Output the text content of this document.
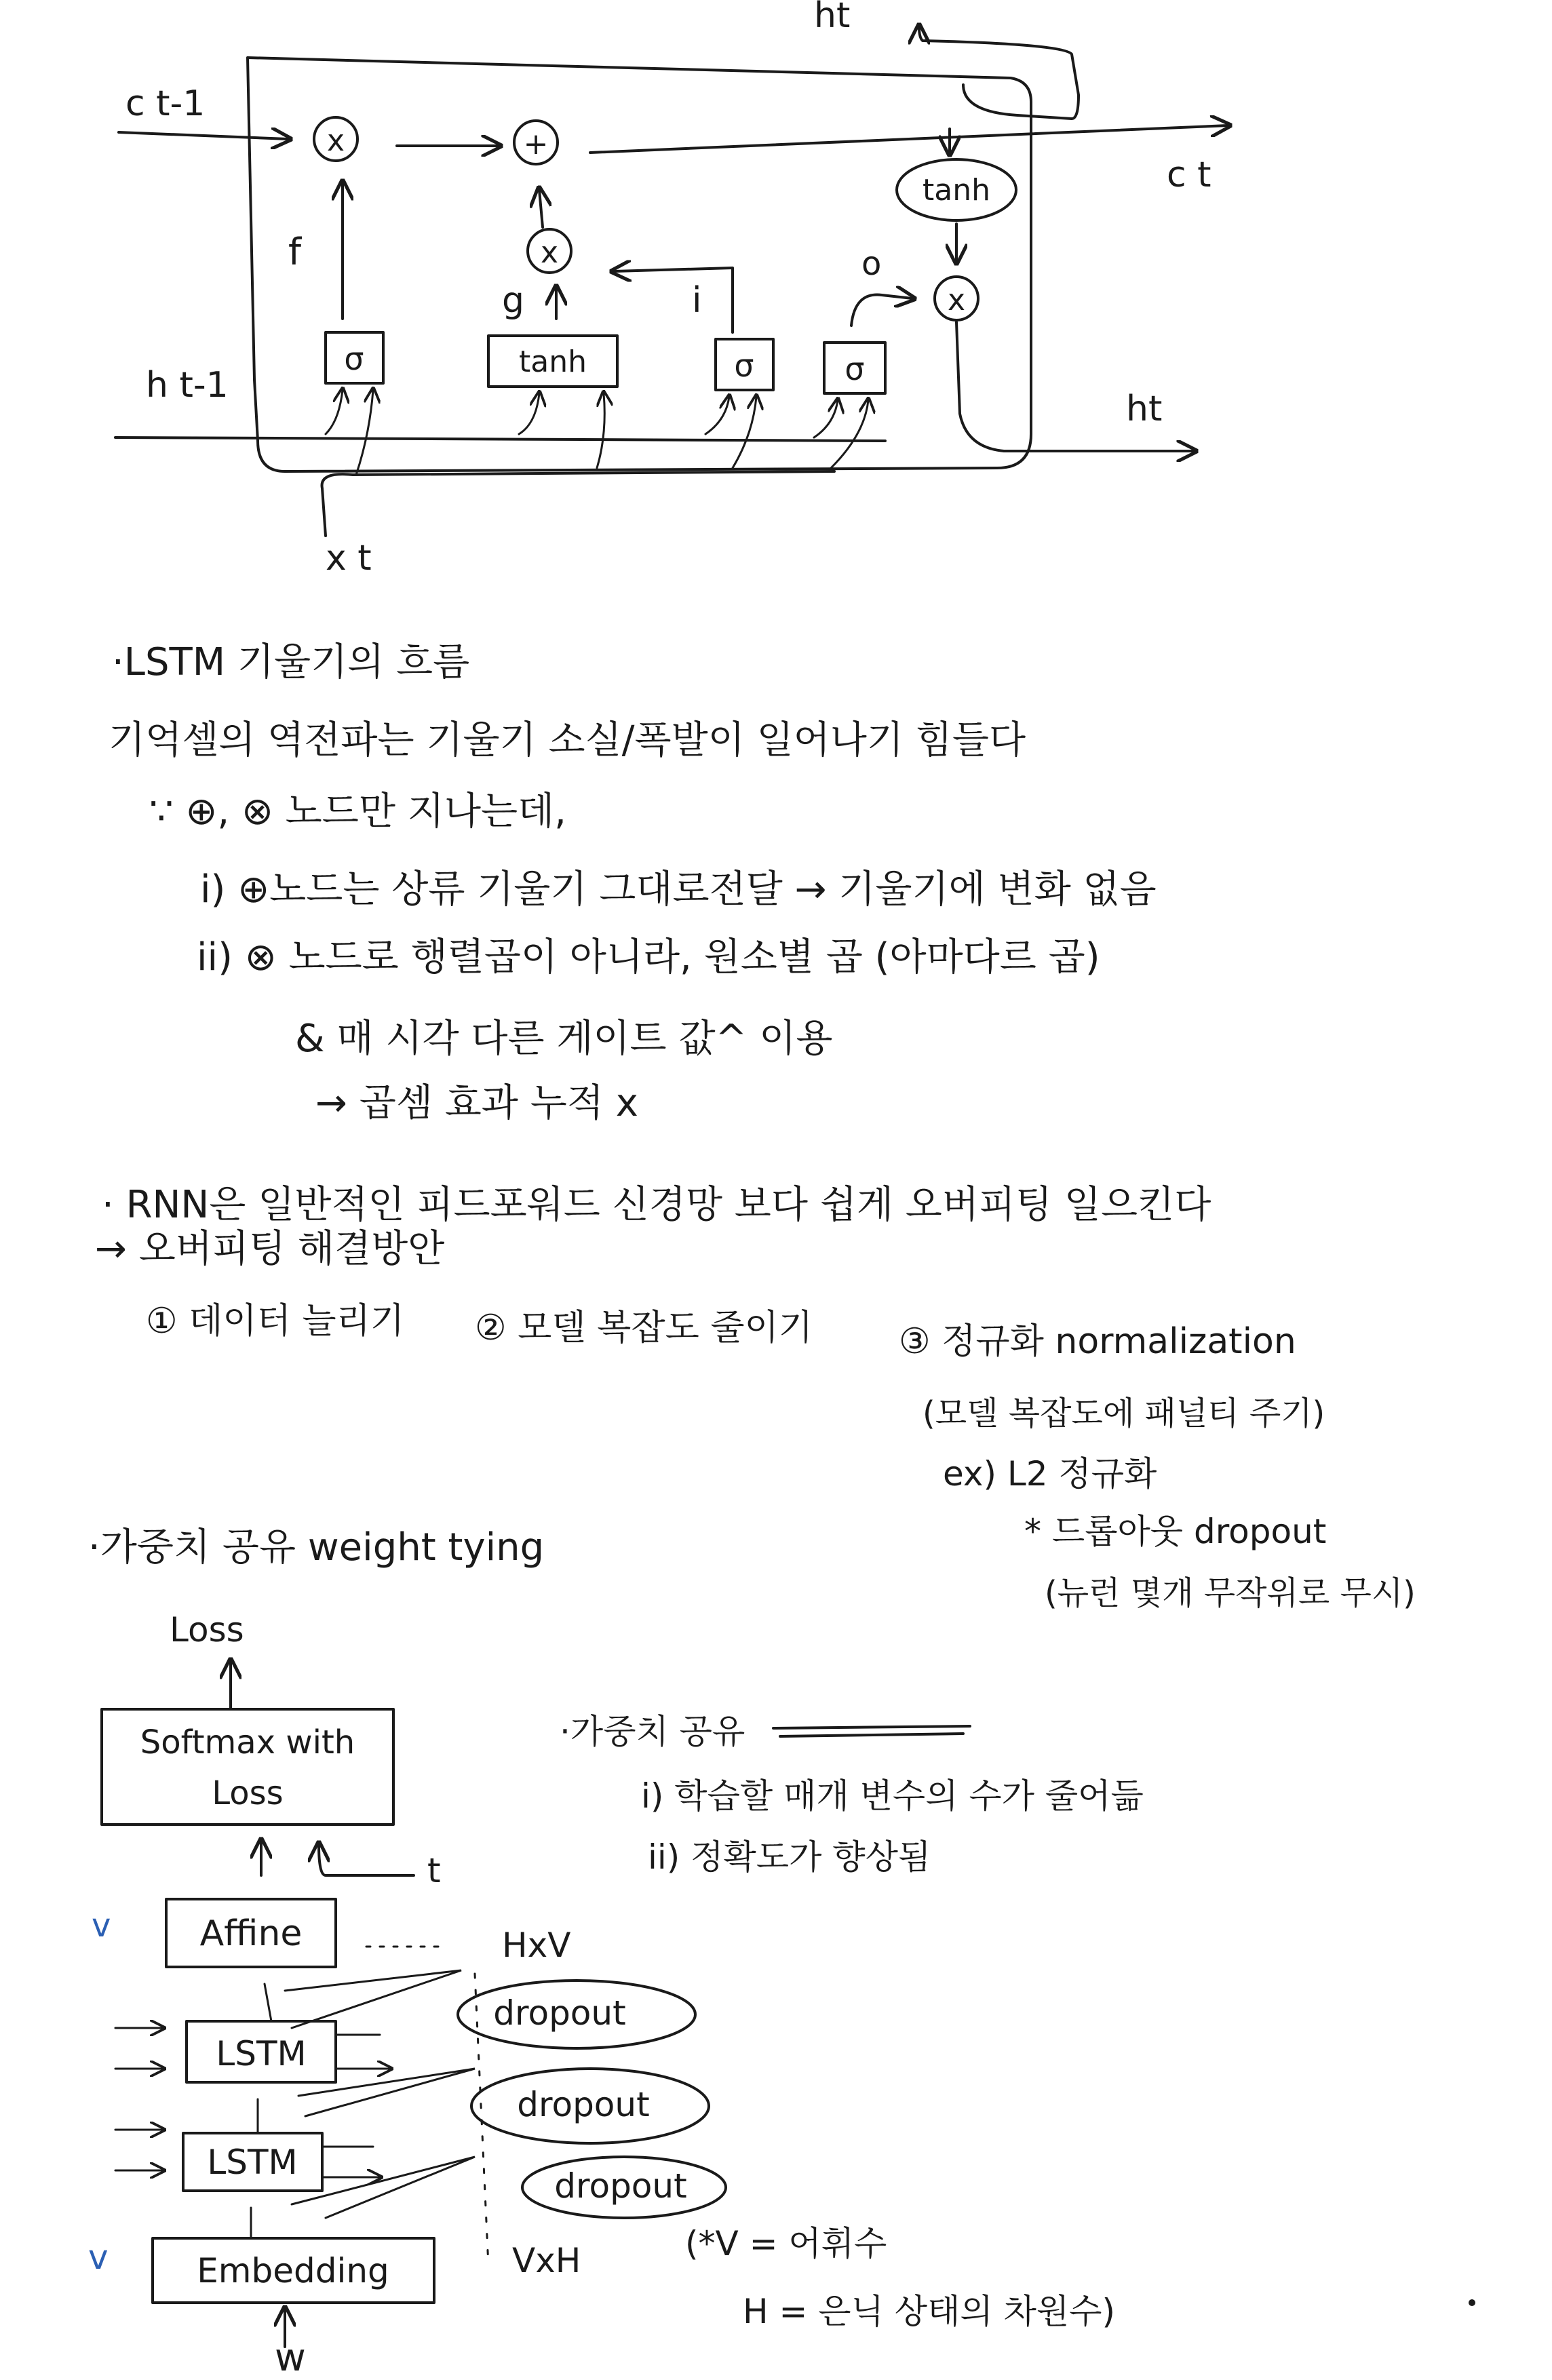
ht
c t-1
x	+
c t
tanh
x
f	x
g	i
o
σ	tanh	σ	σ
h t-1
x t
ht
·LSTM 기울기의 흐름
기억셀의 역전파는 기울기 소실/폭발이 일어나기 힘들다
∵ ⊕, ⊗ 노드만 지나는데,
i) ⊕노드는 상류 기울기 그대로전달 → 기울기에 변화 없음
ii) ⊗ 노드로 행렬곱이 아니라, 원소별 곱 (아마다르 곱)
& 매 시각 다른 게이트 값^ 이용
→ 곱셈 효과 누적 x
· RNN은 일반적인 피드포워드 신경망 보다 쉽게 오버피팅 일으킨다
→ 오버피팅 해결방안
① 데이터 늘리기 ② 모델 복잡도 줄이기 ③ 정규화 normalization
(모델 복잡도에 패널티 주기)
ex) L2 정규화
* 드롭아웃 dropout
(뉴런 몇개 무작위로 무시)
·가중치 공유 weight tying
·가중치 공유
i) 학습할 매개 변수의 수가 줄어듦
ii) 정확도가 향상됨
(*V = 어휘수
H = 은닉 상태의 차원수)
Loss
Softmax with
Loss
t
v	Affine	HxV
dropout
dropout
dropout
LSTM
LSTM
v	Embedding	VxH
w
